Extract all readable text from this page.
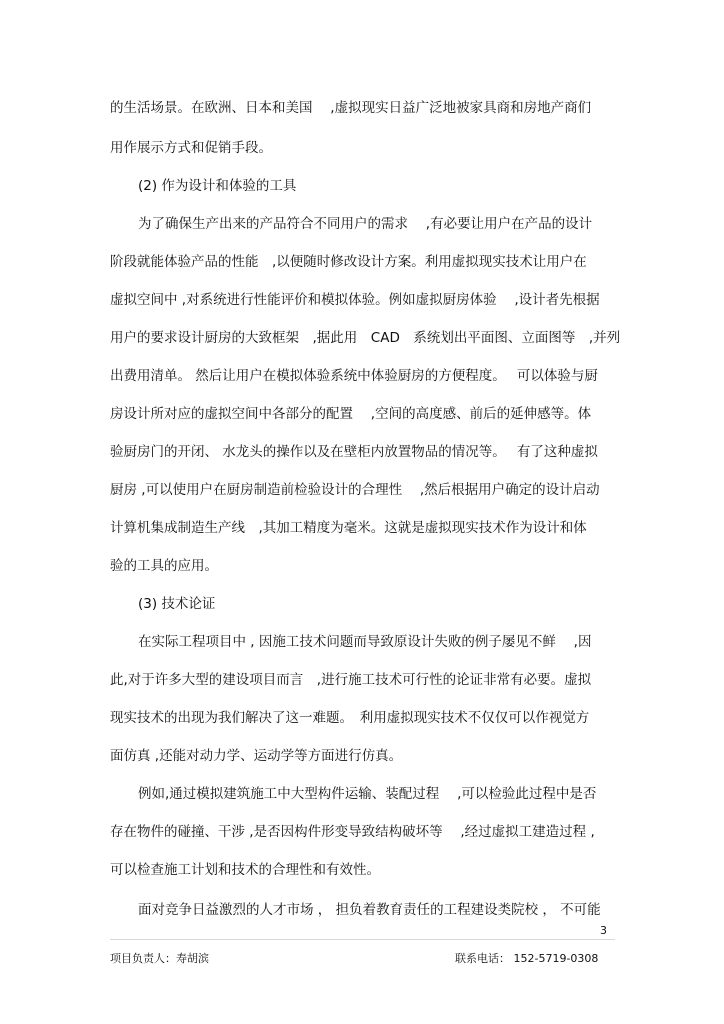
的生活场景。在欧洲、日本和美国　 ,虚拟现实日益广泛地被家具商和房地产商们
用作展示方式和促销手段。
(2) 作为设计和体验的工具
为了确保生产出来的产品符合不同用户的需求　 ,有必要让用户在产品的设计
阶段就能体验产品的性能　,以便随时修改设计方案。利用虚拟现实技术让用户在
虚拟空间中 ,对系统进行性能评价和模拟体验。例如虚拟厨房体验　 ,设计者先根据
用户的要求设计厨房的大致框架　,据此用　CAD　系统划出平面图、立面图等　,并列
出费用清单。 然后让用户在模拟体验系统中体验厨房的方便程度。　 可以体验与厨
房设计所对应的虚拟空间中各部分的配置　 ,空间的高度感、前后的延伸感等。体
验厨房门的开闭、 水龙头的操作以及在壁柜内放置物品的情况等。　 有了这种虚拟
厨房 ,可以使用户在厨房制造前检验设计的合理性　 ,然后根据用户确定的设计启动
计算机集成制造生产线　,其加工精度为毫米。这就是虚拟现实技术作为设计和体
验的工具的应用。
(3) 技术论证
在实际工程项目中 , 因施工技术问题而导致原设计失败的例子屡见不鲜　 ,因
此,对于许多大型的建设项目而言　,进行施工技术可行性的论证非常有必要。虚拟
现实技术的出现为我们解决了这一难题。　利用虚拟现实技术不仅仅可以作视觉方
面仿真 ,还能对动力学、运动学等方面进行仿真。
例如,通过模拟建筑施工中大型构件运输、装配过程　 ,可以检验此过程中是否
存在物件的碰撞、干涉 ,是否因构件形变导致结构破坏等　 ,经过虚拟工建造过程 ,
可以检查施工计划和技术的合理性和有效性。
面对竞争日益激烈的人才市场 ， 担负着教育责任的工程建设类院校 ， 不可能
3
项目负责人：寿胡滨	联系电话： 152-5719-0308
